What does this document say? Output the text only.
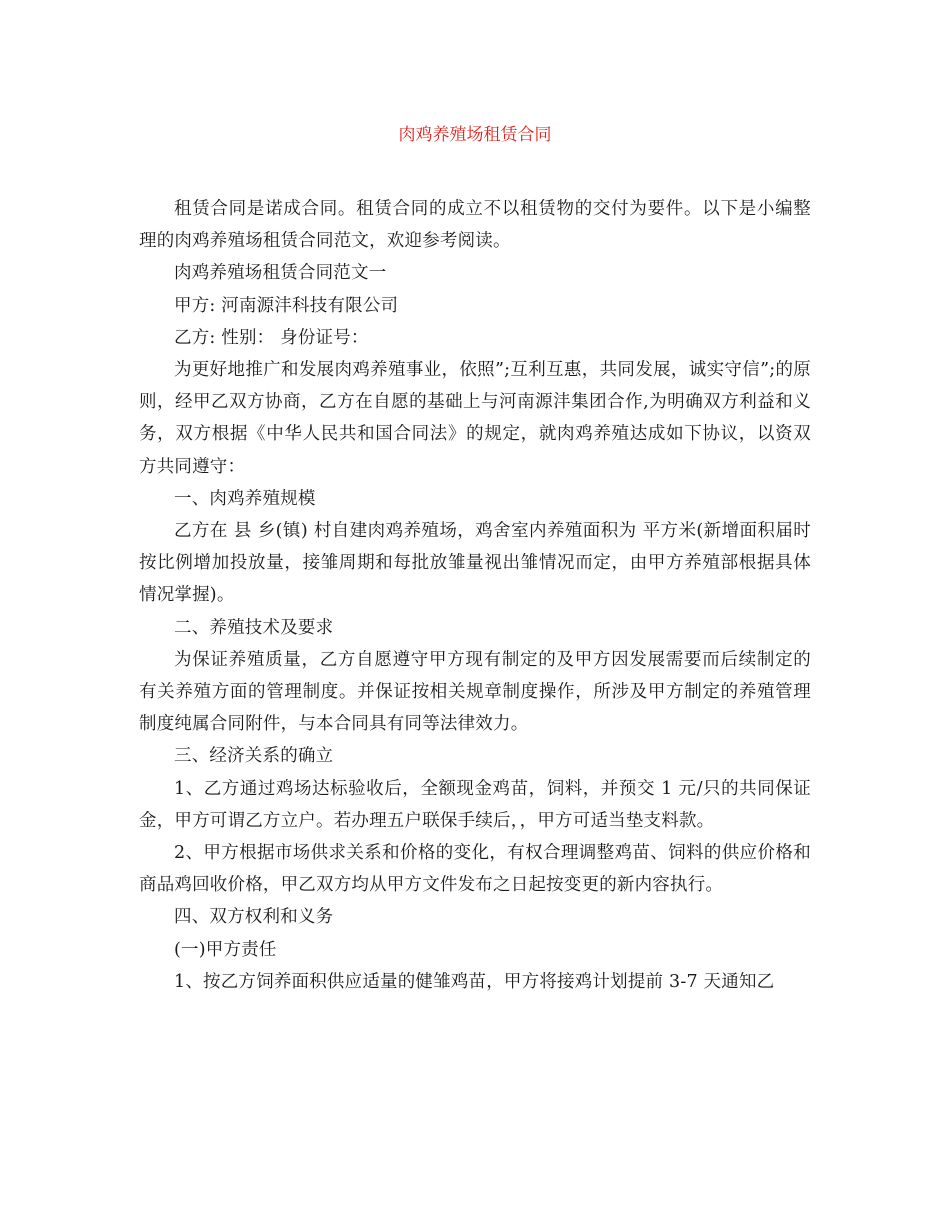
肉鸡养殖场租赁合同

租赁合同是诺成合同。租赁合同的成立不以租赁物的交付为要件。以下是小编整理的肉鸡养殖场租赁合同范文，欢迎参考阅读。

肉鸡养殖场租赁合同范文一

甲方: 河南源沣科技有限公司

乙方: 性别： 身份证号：

为更好地推广和发展肉鸡养殖事业，依照”;互利互惠，共同发展，诚实守信”;的原则，经甲乙双方协商，乙方在自愿的基础上与河南源沣集团合作,为明确双方利益和义务，双方根据《中华人民共和国合同法》的规定，就肉鸡养殖达成如下协议，以资双方共同遵守：

一、肉鸡养殖规模

乙方在 县 乡(镇) 村自建肉鸡养殖场，鸡舍室内养殖面积为 平方米(新增面积届时按比例增加投放量，接雏周期和每批放雏量视出雏情况而定，由甲方养殖部根据具体情况掌握)。

二、养殖技术及要求

为保证养殖质量，乙方自愿遵守甲方现有制定的及甲方因发展需要而后续制定的有关养殖方面的管理制度。并保证按相关规章制度操作，所涉及甲方制定的养殖管理制度纯属合同附件，与本合同具有同等法律效力。

三、经济关系的确立

1、乙方通过鸡场达标验收后，全额现金鸡苗，饲料，并预交 1 元/只的共同保证金，甲方可谓乙方立户。若办理五户联保手续后，，甲方可适当垫支料款。

2、甲方根据市场供求关系和价格的变化，有权合理调整鸡苗、饲料的供应价格和商品鸡回收价格，甲乙双方均从甲方文件发布之日起按变更的新内容执行。

四、双方权利和义务

(一)甲方责任

1、按乙方饲养面积供应适量的健雏鸡苗，甲方将接鸡计划提前 3-7 天通知乙
